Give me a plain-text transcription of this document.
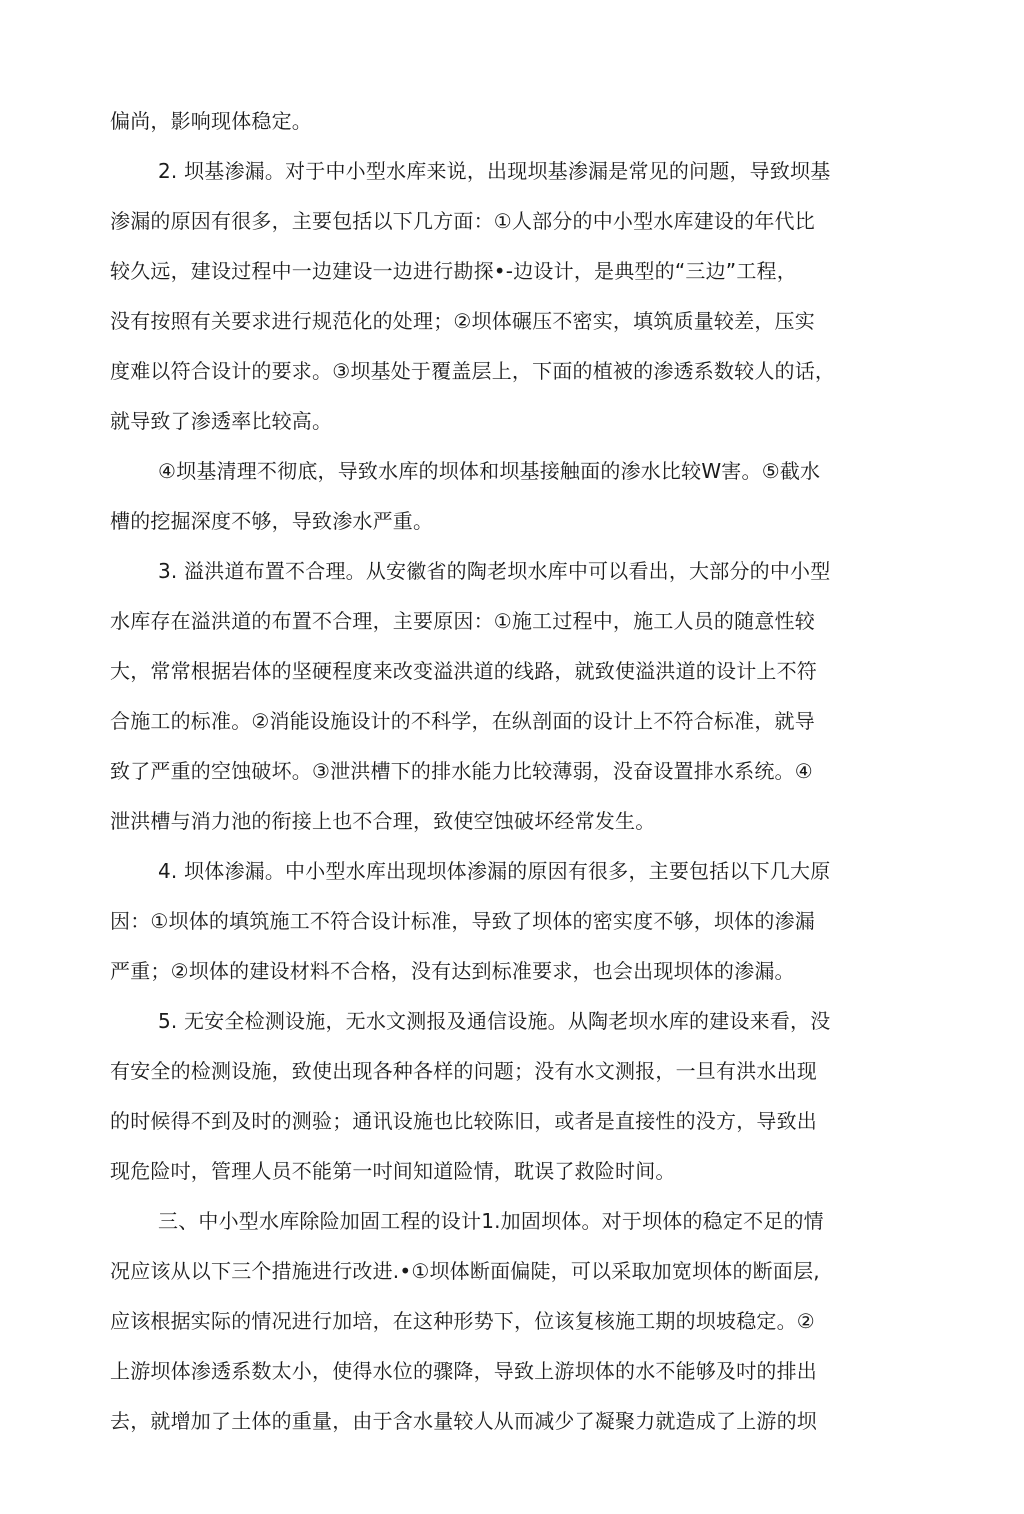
偏尚，影响现体稳定。

2. 坝基渗漏。对于中小型水库来说，出现坝基渗漏是常见的问题，导致坝基
渗漏的原因有很多，主要包括以下几方面：①人部分的中小型水库建设的年代比
较久远，建设过程中一边建设一边进行勘探•-边设计，是典型的“三边”工程，
没有按照有关要求进行规范化的处理；②坝体碾压不密实，填筑质量较差，压实
度难以符合设计的要求。③坝基处于覆盖层上，下面的植被的渗透系数较人的话，
就导致了渗透率比较高。

④坝基清理不彻底，导致水库的坝体和坝基接触面的渗水比较W害。⑤截水
槽的挖掘深度不够，导致渗水严重。

3. 溢洪道布置不合理。从安徽省的陶老坝水库中可以看出，大部分的中小型
水库存在溢洪道的布置不合理，主要原因：①施工过程中，施工人员的随意性较
大，常常根据岩体的坚硬程度来改变溢洪道的线路，就致使溢洪道的设计上不符
合施工的标准。②消能设施设计的不科学，在纵剖面的设计上不符合标准，就导
致了严重的空蚀破坏。③泄洪槽下的排水能力比较薄弱，没奋设置排水系统。④
泄洪槽与消力池的衔接上也不合理，致使空蚀破坏经常发生。

4. 坝体渗漏。中小型水库出现坝体渗漏的原因有很多，主要包括以下几大原
因：①坝体的填筑施工不符合设计标准，导致了坝体的密实度不够，坝体的渗漏
严重；②坝体的建设材料不合格，没有达到标准要求，也会出现坝体的渗漏。

5. 无安全检测设施，无水文测报及通信设施。从陶老坝水库的建设来看，没
有安全的检测设施，致使出现各种各样的问题；没有水文测报，一旦有洪水出现
的时候得不到及时的测验；通讯设施也比较陈旧，或者是直接性的没方，导致出
现危险吋，管理人员不能第一吋间知道险情，耽误了救险时间。

三、中小型水库除险加固工程的设计1.加固坝体。对于坝体的稳定不足的情
况应该从以下三个措施进行改进.•①坝体断面偏陡，可以采取加宽坝体的断面层,
应该根据实际的情况进行加培，在这种形势下，位该复核施工期的坝坡稳定。②
上游坝体渗透系数太小，使得水位的骤降，导致上游坝体的水不能够及吋的排出
去，就增加了土体的重量，由于含水量较人从而减少了凝聚力就造成了上游的坝
